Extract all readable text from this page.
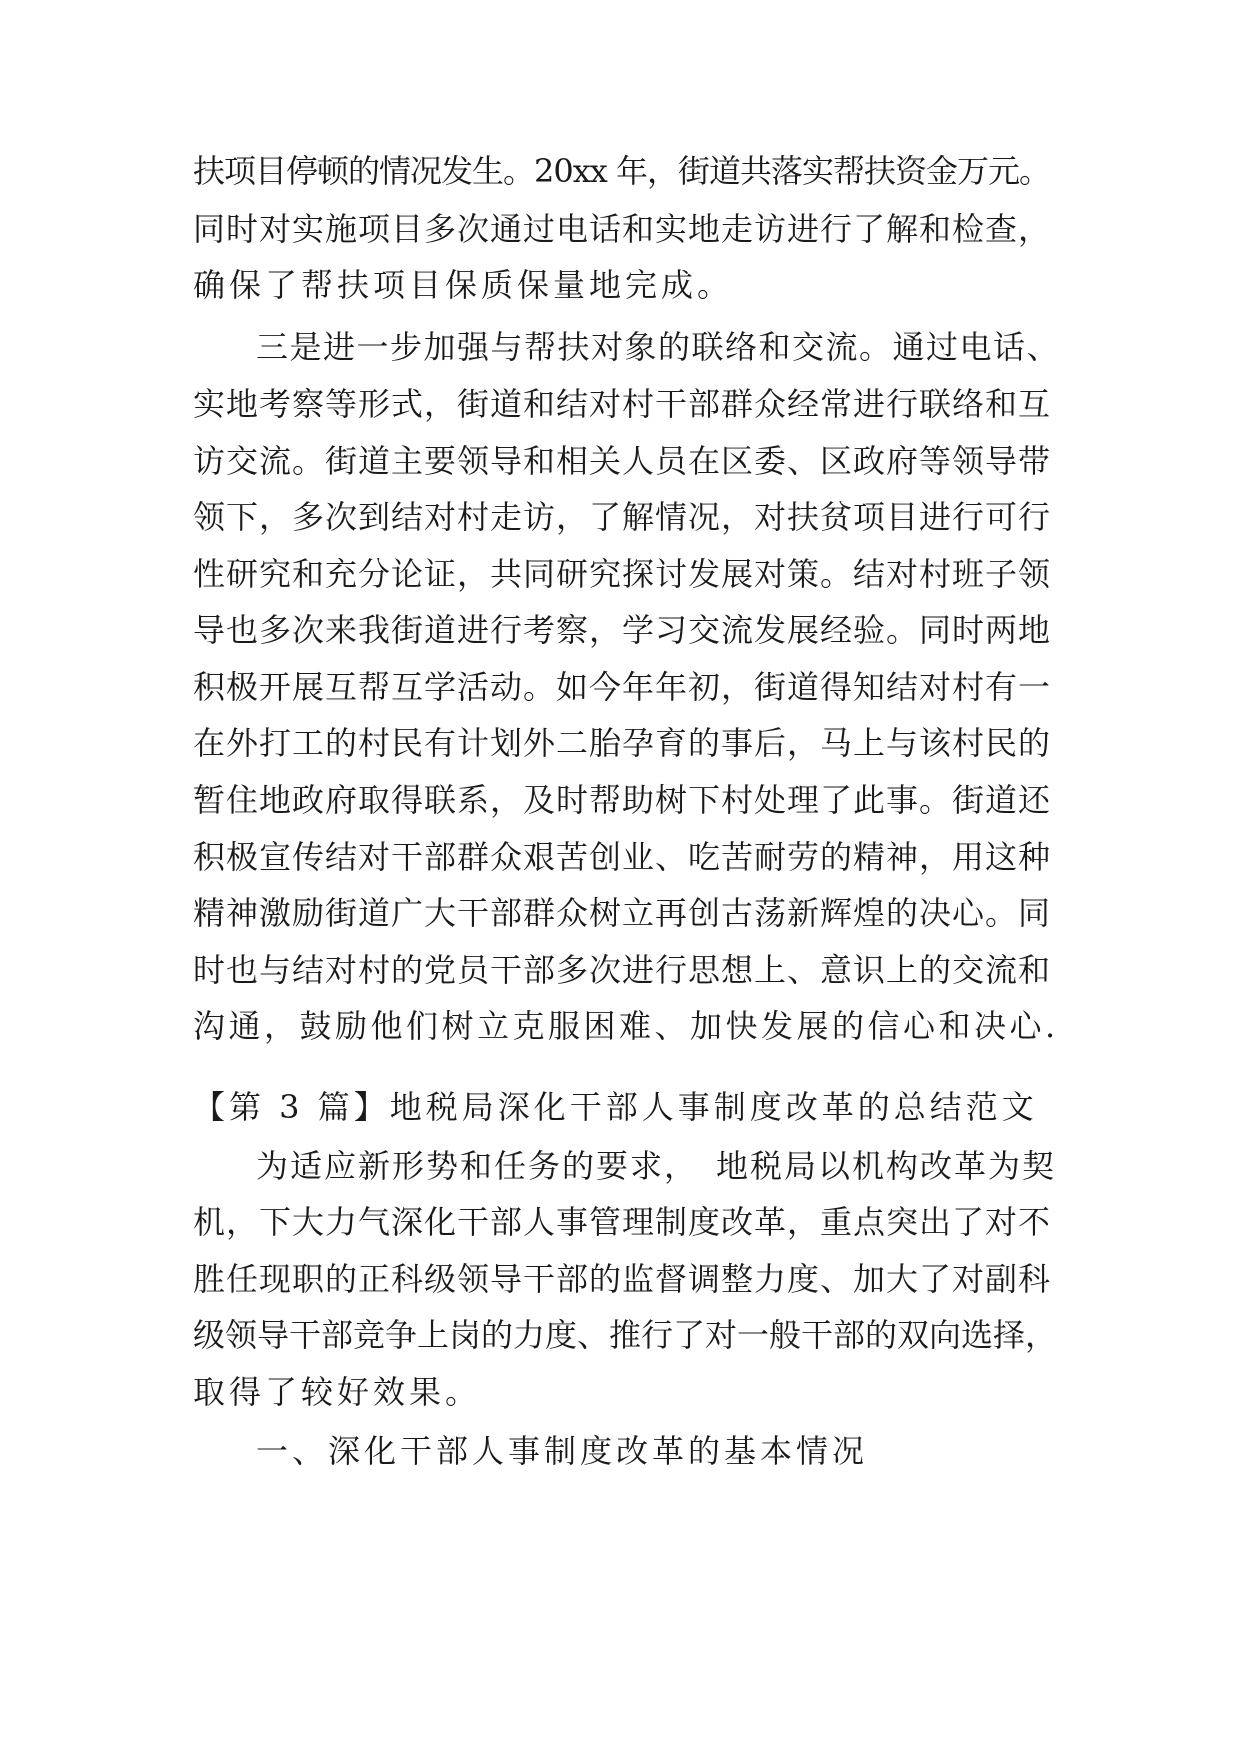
扶项目停顿的情况发生。20xx 年，街道共落实帮扶资金万元。
同时对实施项目多次通过电话和实地走访进行了解和检查，
确保了帮扶项目保质保量地完成。
三是进一步加强与帮扶对象的联络和交流。通过电话、
实地考察等形式，街道和结对村干部群众经常进行联络和互
访交流。街道主要领导和相关人员在区委、区政府等领导带
领下，多次到结对村走访，了解情况，对扶贫项目进行可行
性研究和充分论证，共同研究探讨发展对策。结对村班子领
导也多次来我街道进行考察，学习交流发展经验。同时两地
积极开展互帮互学活动。如今年年初，街道得知结对村有一
在外打工的村民有计划外二胎孕育的事后，马上与该村民的
暂住地政府取得联系，及时帮助树下村处理了此事。街道还
积极宣传结对干部群众艰苦创业、吃苦耐劳的精神，用这种
精神激励街道广大干部群众树立再创古荡新辉煌的决心。同
时也与结对村的党员干部多次进行思想上、意识上的交流和
沟通，鼓励他们树立克服困难、加快发展的信心和决心.
【第 3 篇】地税局深化干部人事制度改革的总结范文
为适应新形势和任务的要求，　地税局以机构改革为契
机，下大力气深化干部人事管理制度改革，重点突出了对不
胜任现职的正科级领导干部的监督调整力度、加大了对副科
级领导干部竞争上岗的力度、推行了对一般干部的双向选择，
取得了较好效果。
一、深化干部人事制度改革的基本情况
